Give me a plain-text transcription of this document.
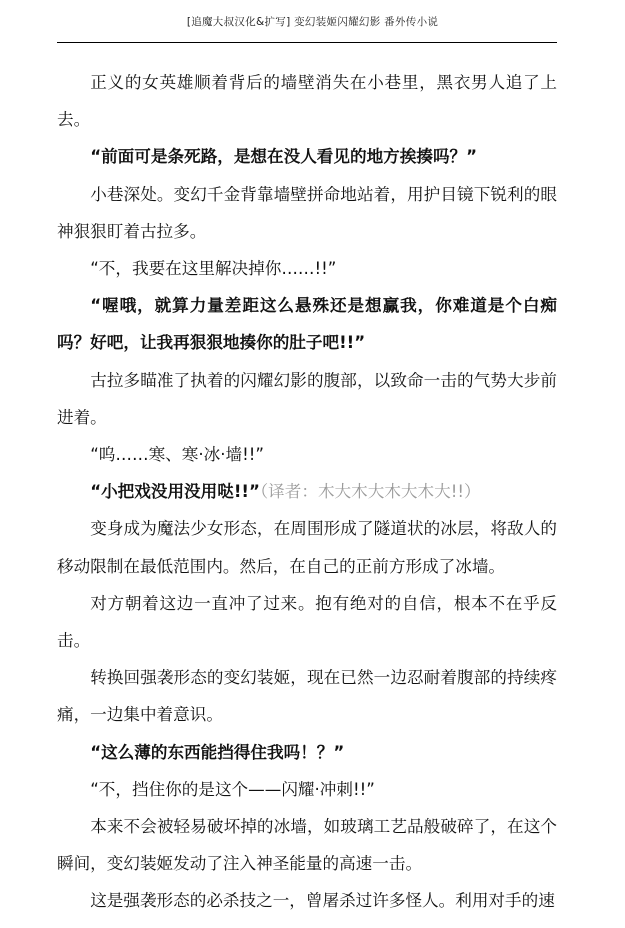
[追魔大叔汉化&扩写] 变幻装姬闪耀幻影 番外传小说

正义的女英雄顺着背后的墙壁消失在小巷里，黑衣男人追了上去。

“前面可是条死路，是想在没人看见的地方挨揍吗？”

小巷深处。变幻千金背靠墙壁拼命地站着，用护目镜下锐利的眼神狠狠盯着古拉多。

“不，我要在这里解决掉你……!!”

“喔哦，就算力量差距这么悬殊还是想赢我，你难道是个白痴吗？好吧，让我再狠狠地揍你的肚子吧!!”

古拉多瞄准了执着的闪耀幻影的腹部，以致命一击的气势大步前进着。

“呜……寒、寒·冰·墙!!”

“小把戏没用没用哒!!”（译者：木大木大木大木大!!）

变身成为魔法少女形态，在周围形成了隧道状的冰层，将敌人的移动限制在最低范围内。然后，在自己的正前方形成了冰墙。

对方朝着这边一直冲了过来。抱有绝对的自信，根本不在乎反击。

转换回强袭形态的变幻装姬，现在已然一边忍耐着腹部的持续疼痛，一边集中着意识。

“这么薄的东西能挡得住我吗！？”

“不，挡住你的是这个——闪耀·冲刺!!”

本来不会被轻易破坏掉的冰墙，如玻璃工艺品般破碎了，在这个瞬间，变幻装姬发动了注入神圣能量的高速一击。

这是强袭形态的必杀技之一，曾屠杀过许多怪人。利用对手的速
